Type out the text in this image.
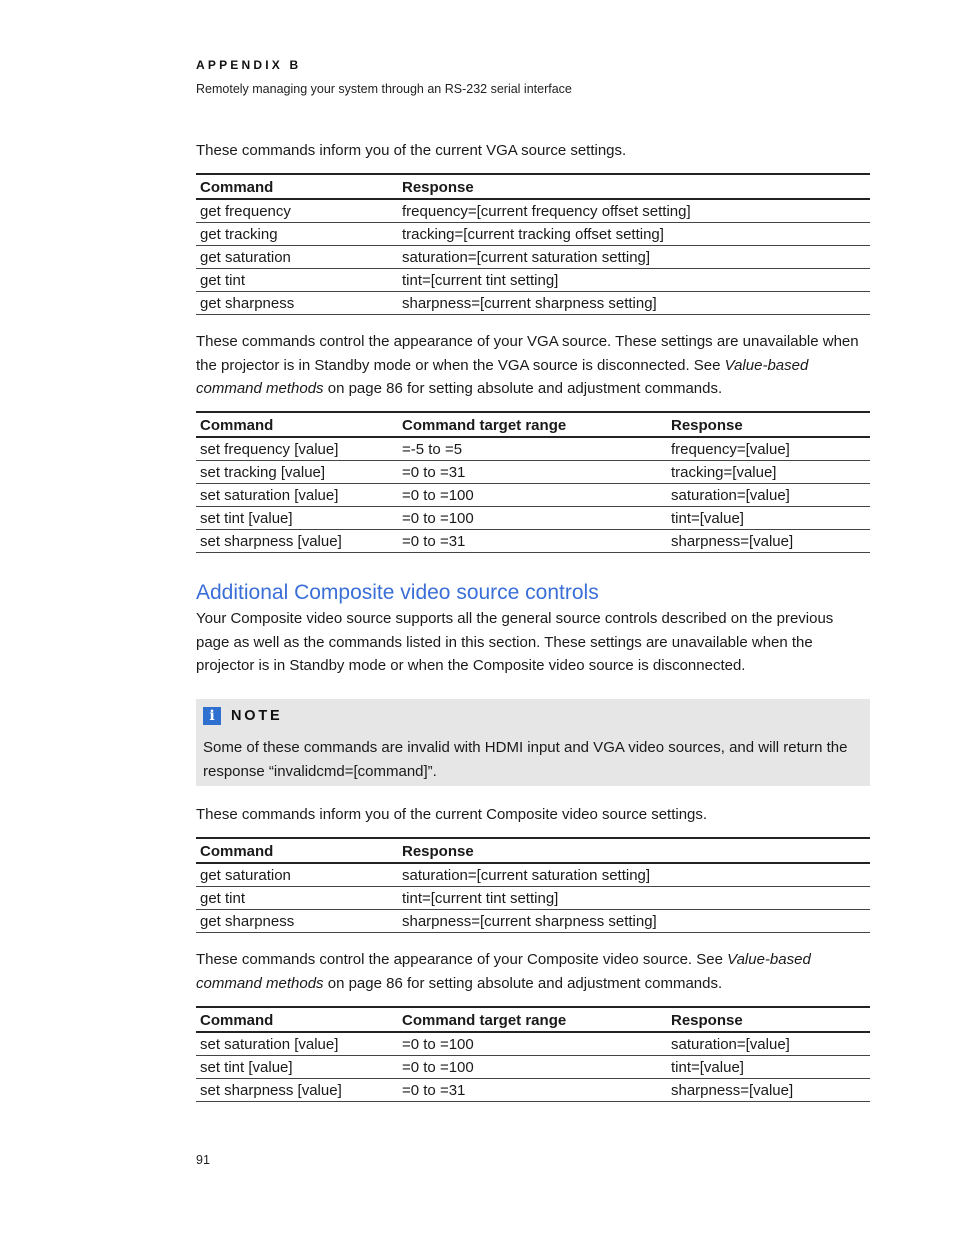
APPENDIX B
Remotely managing your system through an RS-232 serial interface
These commands inform you of the current VGA source settings.
Command	Response
get frequency	frequency=[current frequency offset setting]
get tracking	tracking=[current tracking offset setting]
get saturation	saturation=[current saturation setting]
get tint	tint=[current tint setting]
get sharpness	sharpness=[current sharpness setting]
These commands control the appearance of your VGA source. These settings are unavailable when the projector is in Standby mode or when the VGA source is disconnected. See Value-based command methods on page 86 for setting absolute and adjustment commands.
Command	Command target range	Response
set frequency [value]	=-5 to =5	frequency=[value]
set tracking [value]	=0 to =31	tracking=[value]
set saturation [value]	=0 to =100	saturation=[value]
set tint [value]	=0 to =100	tint=[value]
set sharpness [value]	=0 to =31	sharpness=[value]
Additional Composite video source controls
Your Composite video source supports all the general source controls described on the previous page as well as the commands listed in this section. These settings are unavailable when the projector is in Standby mode or when the Composite video source is disconnected.
i	NOTE
Some of these commands are invalid with HDMI input and VGA video sources, and will return the response “invalidcmd=[command]”.
These commands inform you of the current Composite video source settings.
Command	Response
get saturation	saturation=[current saturation setting]
get tint	tint=[current tint setting]
get sharpness	sharpness=[current sharpness setting]
These commands control the appearance of your Composite video source. See Value-based command methods on page 86 for setting absolute and adjustment commands.
Command	Command target range	Response
set saturation [value]	=0 to =100	saturation=[value]
set tint [value]	=0 to =100	tint=[value]
set sharpness [value]	=0 to =31	sharpness=[value]
91
